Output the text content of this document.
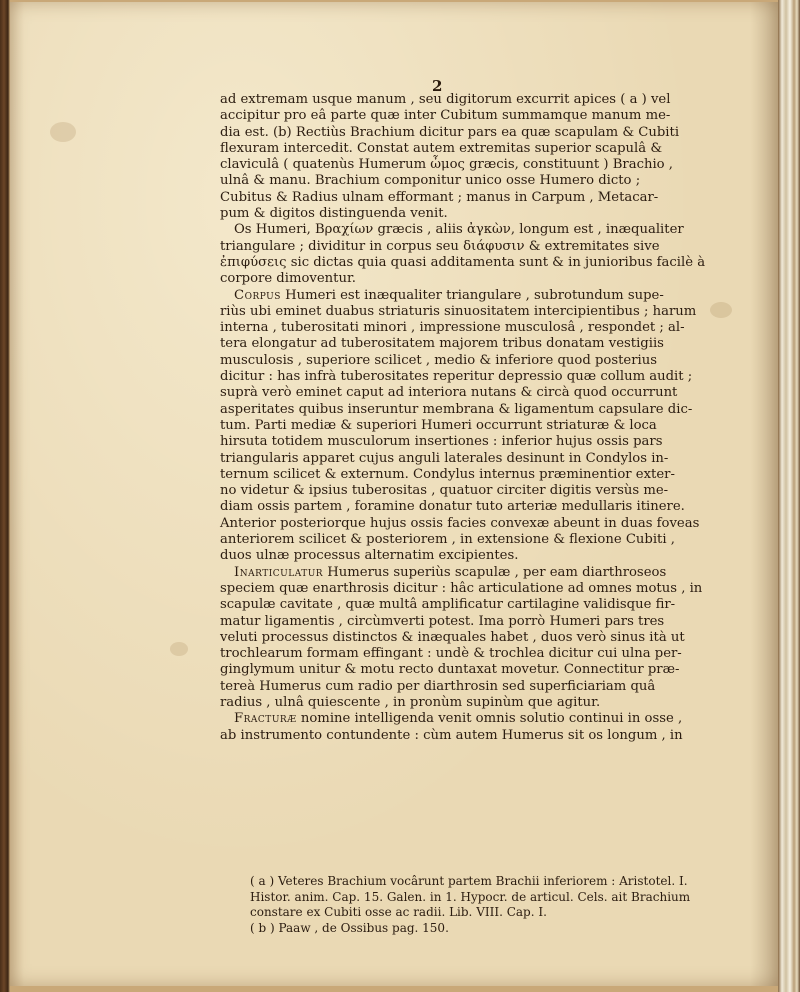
2
ad extremam usque manum , seu digitorum excurrit apices ( a ) vel
accipitur pro eâ parte quæ inter Cubitum summamque manum me-
dia est. (b) Rectiùs Brachium dicitur pars ea quæ scapulam & Cubiti
flexuram intercedit. Constat autem extremitas superior scapulâ &
claviculâ ( quatenùs Humerum ὦμος græcis, constituunt ) Brachio ,
ulnâ & manu. Brachium componitur unico osse Humero dicto ;
Cubitus & Radius ulnam efformant ; manus in Carpum , Metacar-
pum & digitos distinguenda venit.
Os Humeri, Βραχίων græcis , aliis ἀγκὼν, longum est , inæqualiter
triangulare ; dividitur in corpus seu διάφυσιν & extremitates sive
ἐπιφύσεις sic dictas quia quasi additamenta sunt & in junioribus facilè à
corpore dimoventur.
Corpus Humeri est inæqualiter triangulare , subrotundum supe-
riùs ubi eminet duabus striaturis sinuositatem intercipientibus ; harum
interna , tuberositati minori , impressione musculosâ , respondet ; al-
tera elongatur ad tuberositatem majorem tribus donatam vestigiis
musculosis , superiore scilicet , medio & inferiore quod posterius
dicitur : has infrà tuberositates reperitur depressio quæ collum audit ;
suprà verò eminet caput ad interiora nutans & circà quod occurrunt
asperitates quibus inseruntur membrana & ligamentum capsulare dic-
tum. Parti mediæ & superiori Humeri occurrunt striaturæ & loca
hirsuta totidem musculorum insertiones : inferior hujus ossis pars
triangularis apparet cujus anguli laterales desinunt in Condylos in-
ternum scilicet & externum. Condylus internus præminentior exter-
no videtur & ipsius tuberositas , quatuor circiter digitis versùs me-
diam ossis partem , foramine donatur tuto arteriæ medullaris itinere.
Anterior posteriorque hujus ossis facies convexæ abeunt in duas foveas
anteriorem scilicet & posteriorem , in extensione & flexione Cubiti ,
duos ulnæ processus alternatim excipientes.
Inarticulatur Humerus superiùs scapulæ , per eam diarthrosеos
speciem quæ enarthrosis dicitur : hâc articulatione ad omnes motus , in
scapulæ cavitate , quæ multâ amplificatur cartilagine validisque fir-
matur ligamentis , circùmverti potest. Ima porrò Humeri pars tres
veluti processus distinctos & inæquales habet , duos verò sinus ità ut
trochlearum formam effingant : undè & trochlea dicitur cui ulna per-
ginglymum unitur & motu recto duntaxat movetur. Connectitur præ-
tereà Humerus cum radio per diarthrosin sed superficiariam quâ
radius , ulnâ quiescente , in pronùm supinùm que agitur.
Fracturæ nomine intelligenda venit omnis solutio continui in osse ,
ab instrumento contundente : cùm autem Humerus sit os longum , in
( a ) Veteres Brachium vocârunt partem Brachii inferiorem : Aristotel. I.
Histor. anim. Cap. 15. Galen. in 1. Hypocr. de articul. Cels. ait Brachium
constare ex Cubiti osse ac radii. Lib. VIII. Cap. I.
( b ) Paaw , de Ossibus pag. 150.
